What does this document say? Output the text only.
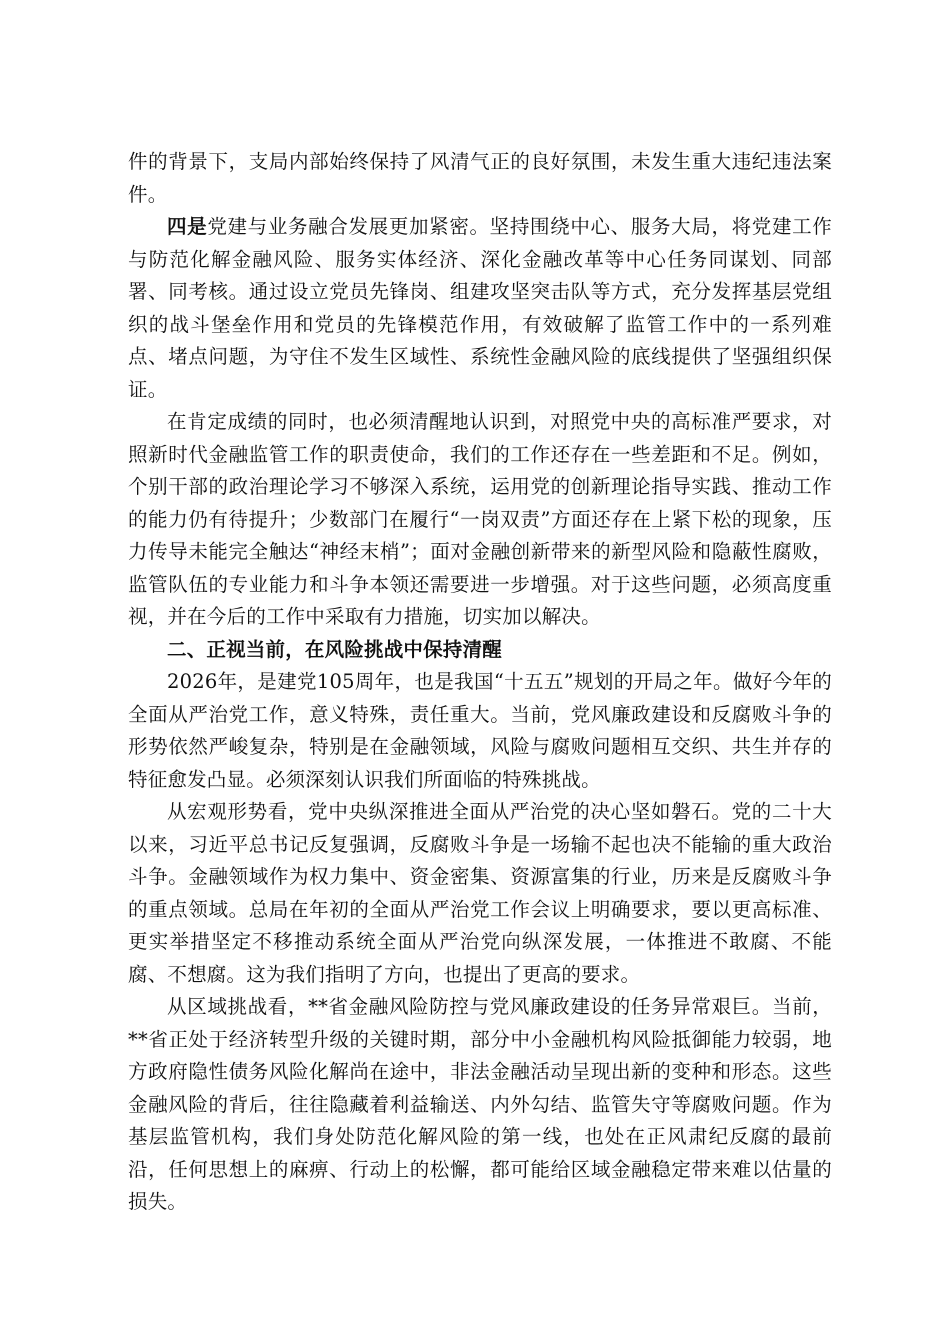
件的背景下，支局内部始终保持了风清气正的良好氛围，未发生重大违纪违法案件。

四是党建与业务融合发展更加紧密。坚持围绕中心、服务大局，将党建工作与防范化解金融风险、服务实体经济、深化金融改革等中心任务同谋划、同部署、同考核。通过设立党员先锋岗、组建攻坚突击队等方式，充分发挥基层党组织的战斗堡垒作用和党员的先锋模范作用，有效破解了监管工作中的一系列难点、堵点问题，为守住不发生区域性、系统性金融风险的底线提供了坚强组织保证。

在肯定成绩的同时，也必须清醒地认识到，对照党中央的高标准严要求，对照新时代金融监管工作的职责使命，我们的工作还存在一些差距和不足。例如，个别干部的政治理论学习不够深入系统，运用党的创新理论指导实践、推动工作的能力仍有待提升；少数部门在履行“一岗双责”方面还存在上紧下松的现象，压力传导未能完全触达“神经末梢”；面对金融创新带来的新型风险和隐蔽性腐败，监管队伍的专业能力和斗争本领还需要进一步增强。对于这些问题，必须高度重视，并在今后的工作中采取有力措施，切实加以解决。

二、正视当前，在风险挑战中保持清醒

2026年，是建党105周年，也是我国“十五五”规划的开局之年。做好今年的全面从严治党工作，意义特殊，责任重大。当前，党风廉政建设和反腐败斗争的形势依然严峻复杂，特别是在金融领域，风险与腐败问题相互交织、共生并存的特征愈发凸显。必须深刻认识我们所面临的特殊挑战。

从宏观形势看，党中央纵深推进全面从严治党的决心坚如磐石。党的二十大以来，习近平总书记反复强调，反腐败斗争是一场输不起也决不能输的重大政治斗争。金融领域作为权力集中、资金密集、资源富集的行业，历来是反腐败斗争的重点领域。总局在年初的全面从严治党工作会议上明确要求，要以更高标准、更实举措坚定不移推动系统全面从严治党向纵深发展，一体推进不敢腐、不能腐、不想腐。这为我们指明了方向，也提出了更高的要求。

从区域挑战看，**省金融风险防控与党风廉政建设的任务异常艰巨。当前，**省正处于经济转型升级的关键时期，部分中小金融机构风险抵御能力较弱，地方政府隐性债务风险化解尚在途中，非法金融活动呈现出新的变种和形态。这些金融风险的背后，往往隐藏着利益输送、内外勾结、监管失守等腐败问题。作为基层监管机构，我们身处防范化解风险的第一线，也处在正风肃纪反腐的最前沿，任何思想上的麻痹、行动上的松懈，都可能给区域金融稳定带来难以估量的损失。
